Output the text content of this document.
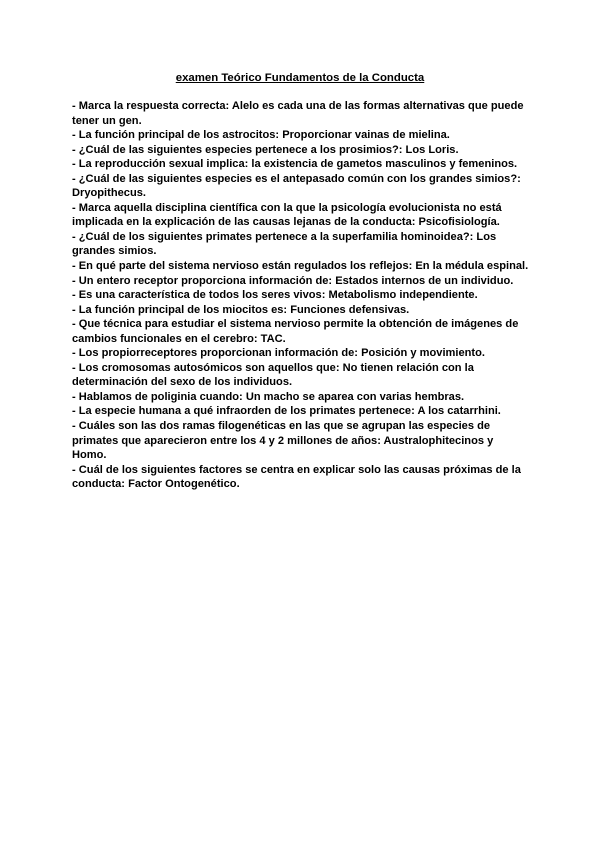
examen Teórico Fundamentos de la Conducta

- Marca la respuesta correcta: Alelo es cada una de las formas alternativas que puede tener un gen.

- La función principal de los astrocitos: Proporcionar vainas de mielina.

- ¿Cuál de las siguientes especies pertenece a los prosimios?: Los Loris.

- La reproducción sexual implica: la existencia de gametos masculinos y femeninos.

- ¿Cuál de las siguientes especies es el antepasado común con los grandes simios?: Dryopithecus.

- Marca aquella disciplina científica con la que la psicología evolucionista no está implicada en la explicación de las causas lejanas de la conducta: Psicofisiología.

- ¿Cuál de los siguientes primates pertenece a la superfamilia hominoidea?: Los grandes simios.

- En qué parte del sistema nervioso están regulados los reflejos: En la médula espinal.

- Un entero receptor proporciona información de: Estados internos de un individuo.

- Es una característica de todos los seres vivos: Metabolismo independiente.

- La función principal de los miocitos es: Funciones defensivas.

- Que técnica para estudiar el sistema nervioso permite la obtención de imágenes de cambios funcionales en el cerebro: TAC.

- Los propiorreceptores proporcionan información de: Posición y movimiento.

- Los cromosomas autosómicos son aquellos que: No tienen relación con la determinación del sexo de los individuos.

- Hablamos de poliginia cuando: Un macho se aparea con varias hembras.

- La especie humana a qué infraorden de los primates pertenece: A los catarrhini.

- Cuáles son las dos ramas filogenéticas en las que se agrupan las especies de primates que aparecieron entre los 4 y 2 millones de años: Australophitecinos y Homo.

- Cuál de los siguientes factores se centra en explicar solo las causas próximas de la conducta: Factor Ontogenético.
